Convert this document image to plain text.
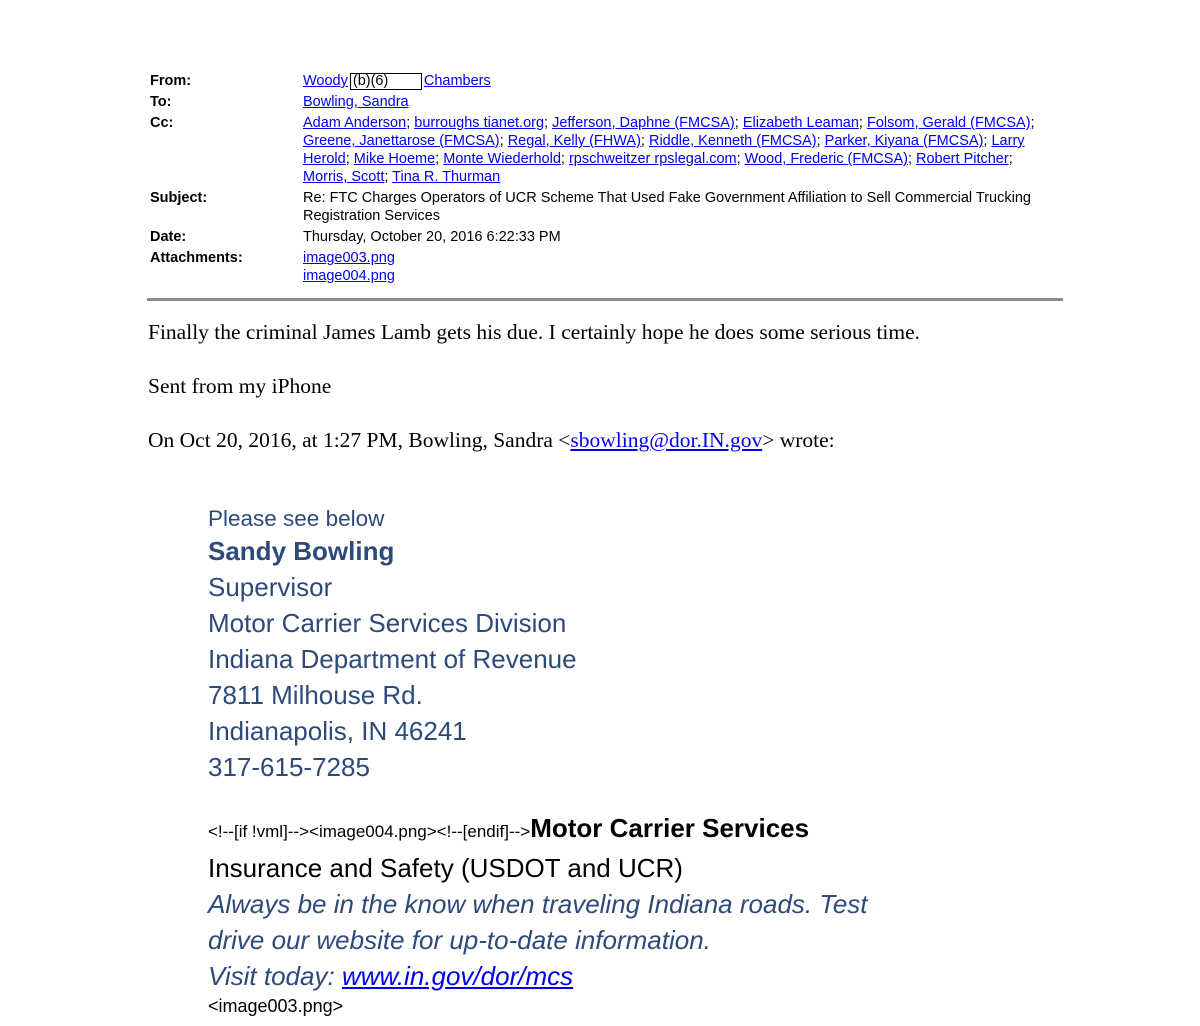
From:	Woody (b)(6) Chambers
To:	Bowling, Sandra
Cc:	Adam Anderson; burroughs tianet.org; Jefferson, Daphne (FMCSA); Elizabeth Leaman; Folsom, Gerald (FMCSA); Greene, Janettarose (FMCSA); Regal, Kelly (FHWA); Riddle, Kenneth (FMCSA); Parker, Kiyana (FMCSA); Larry Herold; Mike Hoeme; Monte Wiederhold; rpschweitzer rpslegal.com; Wood, Frederic (FMCSA); Robert Pitcher; Morris, Scott; Tina R. Thurman
Subject:	Re: FTC Charges Operators of UCR Scheme That Used Fake Government Affiliation to Sell Commercial Trucking Registration Services
Date:	Thursday, October 20, 2016 6:22:33 PM
Attachments:	image003.png
image004.png
Finally the criminal James Lamb gets his due. I certainly hope he does some serious time.
Sent from my iPhone
On Oct 20, 2016, at 1:27 PM, Bowling, Sandra <sbowling@dor.IN.gov> wrote:
Please see below
Sandy Bowling
Supervisor
Motor Carrier Services Division
Indiana Department of Revenue
7811 Milhouse Rd.
Indianapolis, IN 46241
317-615-7285
<!--[if !vml]--><image004.png><!--[endif]-->Motor Carrier Services
Insurance and Safety (USDOT and UCR)
Always be in the know when traveling Indiana roads. Test
drive our website for up-to-date information.
Visit today: www.in.gov/dor/mcs
<image003.png>
